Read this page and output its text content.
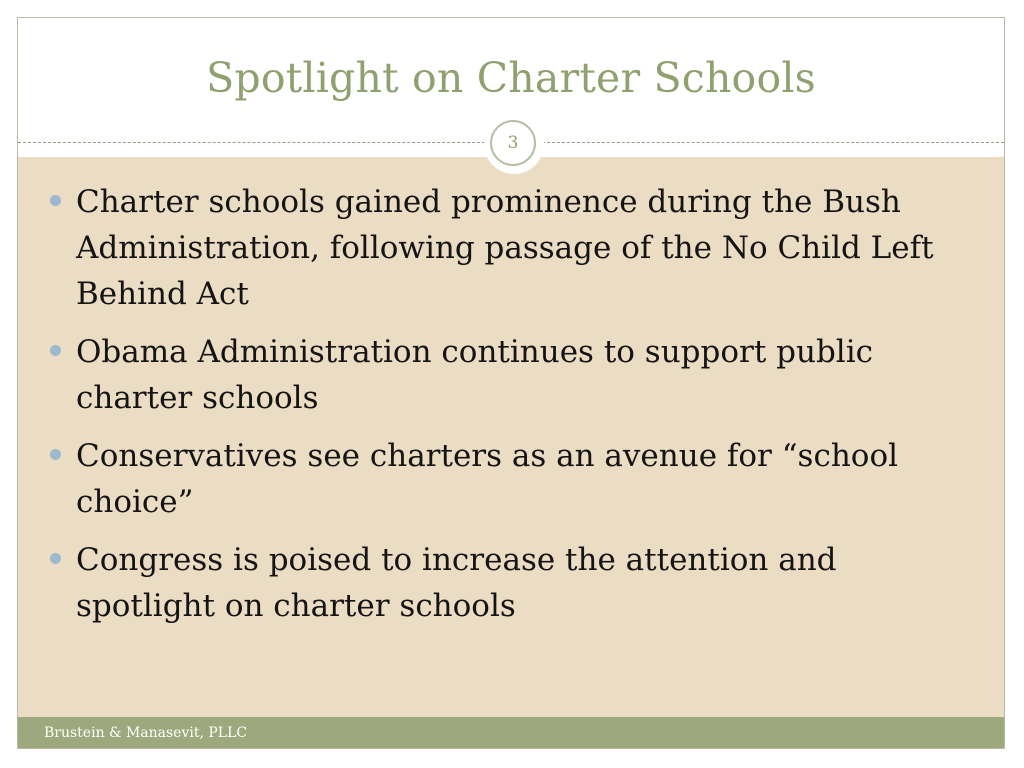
Spotlight on Charter Schools
3
Charter schools gained prominence during the Bush Administration, following passage of the No Child Left Behind Act
Obama Administration continues to support public charter schools
Conservatives see charters as an avenue for “school choice”
Congress is poised to increase the attention and spotlight on charter schools
Brustein & Manasevit, PLLC
